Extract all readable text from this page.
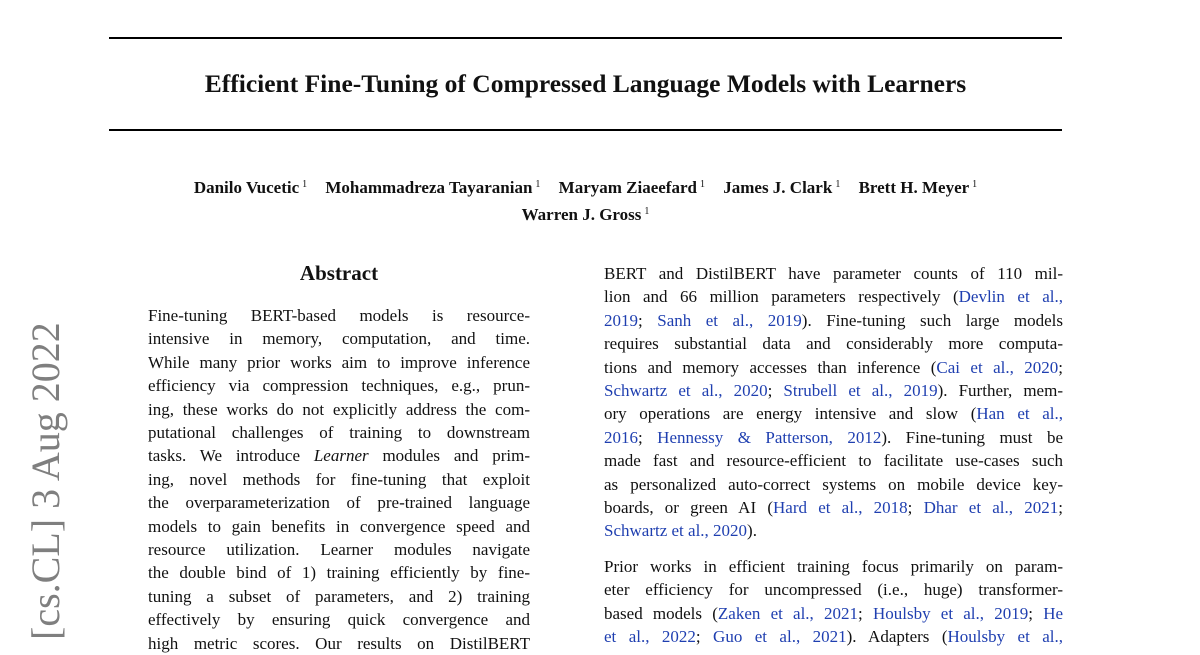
Efficient Fine-Tuning of Compressed Language Models with Learners
Danilo Vucetic $^1$ Mohammadreza Tayaranian $^1$ Maryam Ziaeefard $^1$ James J. Clark $^1$ Brett H. Meyer $^1$
Warren J. Gross $^1$
[cs.CL] 3 Aug 2022
Abstract
Fine-tuning BERT-based models is resource-
intensive in memory, computation, and time.
While many prior works aim to improve inference
efficiency via compression techniques, e.g., prun-
ing, these works do not explicitly address the com-
putational challenges of training to downstream
tasks. We introduce Learner modules and prim-
ing, novel methods for fine-tuning that exploit
the overparameterization of pre-trained language
models to gain benefits in convergence speed and
resource utilization. Learner modules navigate
the double bind of 1) training efficiently by fine-
tuning a subset of parameters, and 2) training
effectively by ensuring quick convergence and
high metric scores. Our results on DistilBERT
BERT and DistilBERT have parameter counts of 110 mil-
lion and 66 million parameters respectively (Devlin et al.,
2019; Sanh et al., 2019). Fine-tuning such large models
requires substantial data and considerably more computa-
tions and memory accesses than inference (Cai et al., 2020;
Schwartz et al., 2020; Strubell et al., 2019). Further, mem-
ory operations are energy intensive and slow (Han et al.,
2016; Hennessy & Patterson, 2012). Fine-tuning must be
made fast and resource-efficient to facilitate use-cases such
as personalized auto-correct systems on mobile device key-
boards, or green AI (Hard et al., 2018; Dhar et al., 2021;
Schwartz et al., 2020).
Prior works in efficient training focus primarily on param-
eter efficiency for uncompressed (i.e., huge) transformer-
based models (Zaken et al., 2021; Houlsby et al., 2019; He
et al., 2022; Guo et al., 2021). Adapters (Houlsby et al.,
